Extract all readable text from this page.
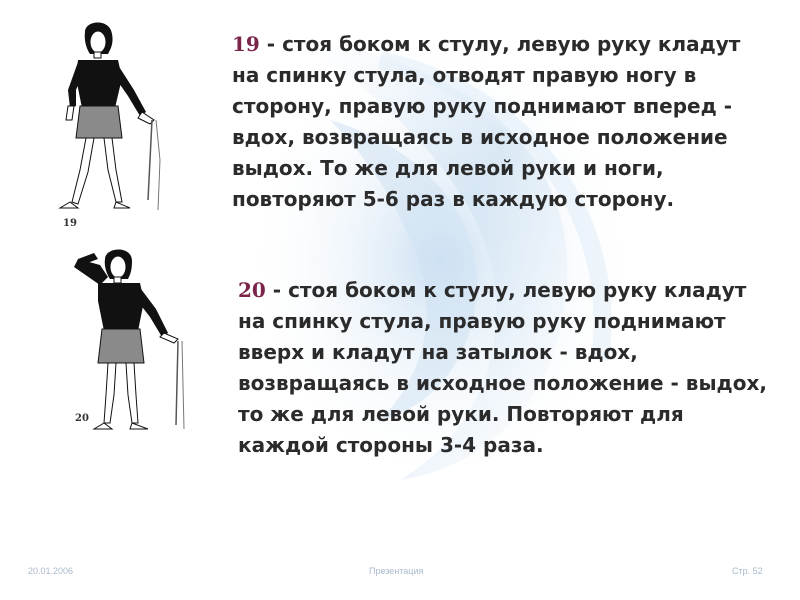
19
20

19 - стоя боком к стулу, левую руку кладут на спинку стула, отводят правую ногу в сторону, правую руку поднимают вперед - вдох, возвращаясь в исходное положение выдох. То же для левой руки и ноги, повторяют 5-6 раз в каждую сторону.

20 - стоя боком к стулу, левую руку кладут на спинку стула, правую руку поднимают вверх и кладут на затылок - вдох, возвращаясь в исходное положение - выдох, то же для левой руки. Повторяют для каждой стороны 3-4 раза.

20.01.2006	Презентация	Стр. 52
